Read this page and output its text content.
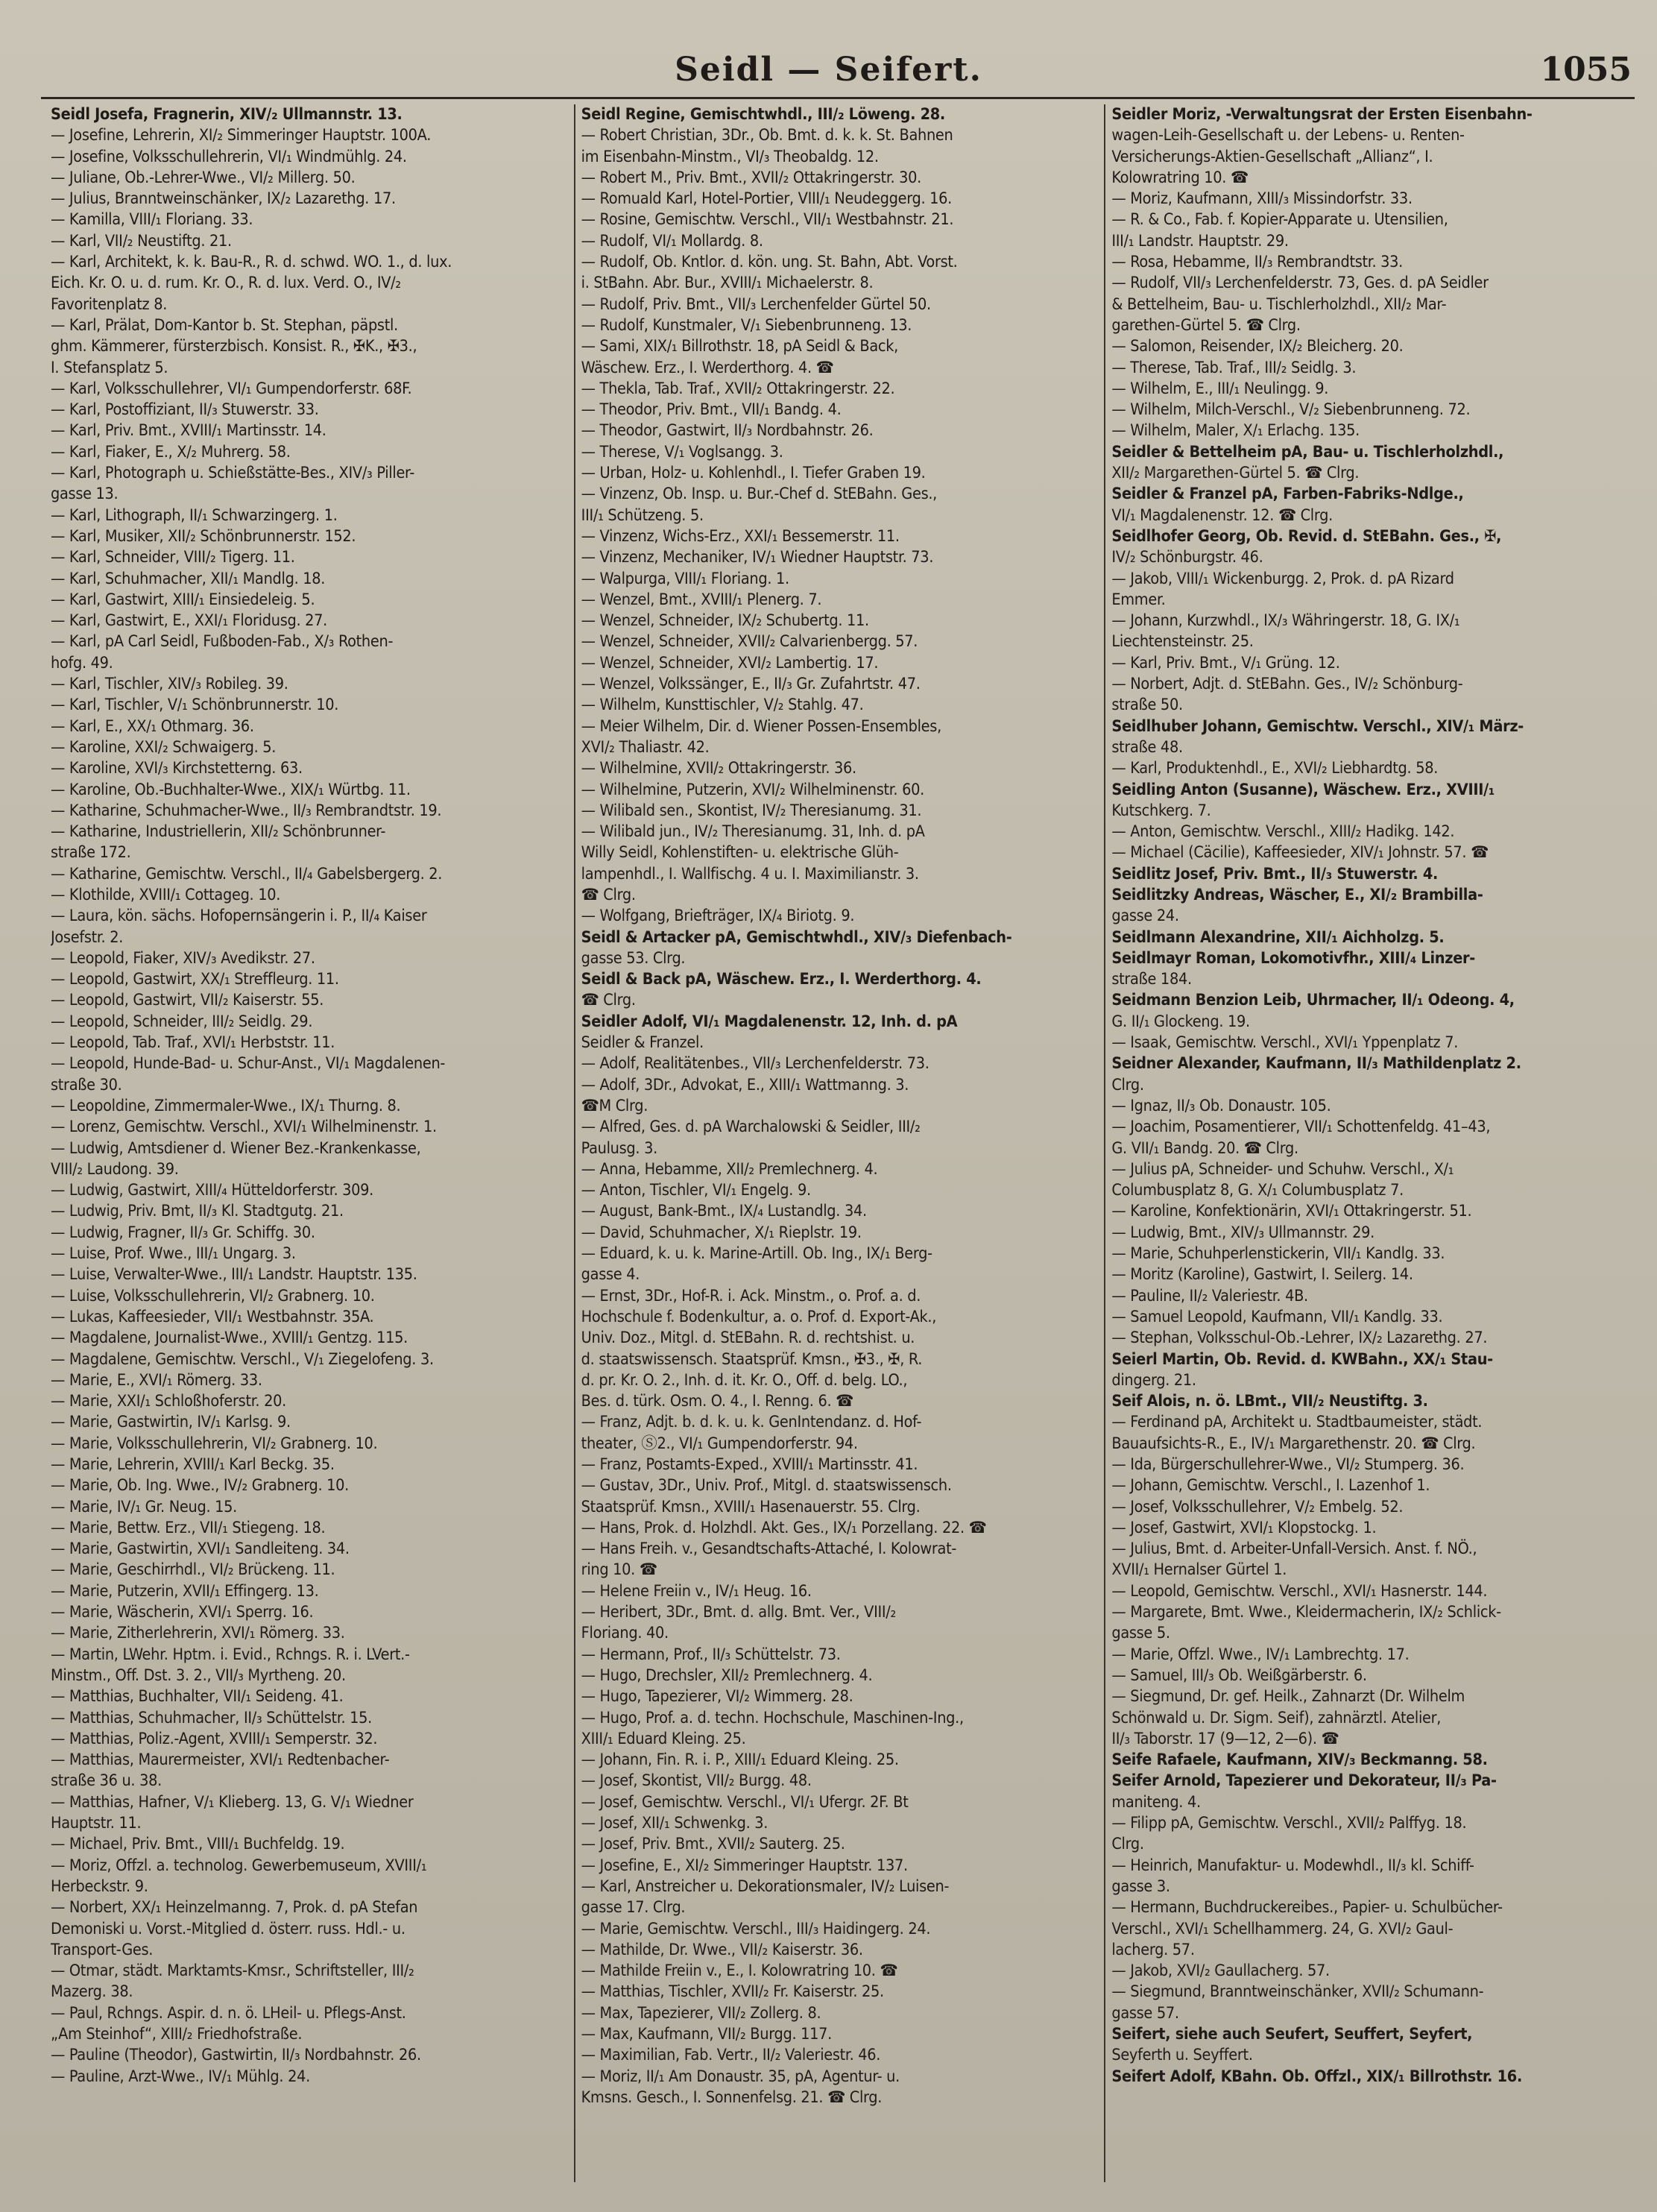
Seidl — Seifert.	1055
Seidl Josefa, Fragnerin, XIV/₂ Ullmannstr. 13.
— Josefine, Lehrerin, XI/₂ Simmeringer Hauptstr. 100A.
— Josefine, Volksschullehrerin, VI/₁ Windmühlg. 24.
— Juliane, Ob.-Lehrer-Wwe., VI/₂ Millerg. 50.
— Julius, Branntweinschänker, IX/₂ Lazarethg. 17.
— Kamilla, VIII/₁ Floriang. 33.
— Karl, VII/₂ Neustiftg. 21.
— Karl, Architekt, k. k. Bau-R., R. d. schwd. WO. 1., d. lux.
Eich. Kr. O. u. d. rum. Kr. O., R. d. lux. Verd. O., IV/₂
Favoritenplatz 8.
— Karl, Prälat, Dom-Kantor b. St. Stephan, päpstl.
ghm. Kämmerer, fürsterzbisch. Konsist. R., ✠K., ✠3.,
I. Stefansplatz 5.
— Karl, Volksschullehrer, VI/₁ Gumpendorferstr. 68F.
— Karl, Postoffiziant, II/₃ Stuwerstr. 33.
— Karl, Priv. Bmt., XVIII/₁ Martinsstr. 14.
— Karl, Fiaker, E., X/₂ Muhrerg. 58.
— Karl, Photograph u. Schießstätte-Bes., XIV/₃ Piller-
gasse 13.
— Karl, Lithograph, II/₁ Schwarzingerg. 1.
— Karl, Musiker, XII/₂ Schönbrunnerstr. 152.
— Karl, Schneider, VIII/₂ Tigerg. 11.
— Karl, Schuhmacher, XII/₁ Mandlg. 18.
— Karl, Gastwirt, XIII/₁ Einsiedeleig. 5.
— Karl, Gastwirt, E., XXI/₁ Floridusg. 27.
— Karl, pA Carl Seidl, Fußboden-Fab., X/₃ Rothen-
hofg. 49.
— Karl, Tischler, XIV/₃ Robileg. 39.
— Karl, Tischler, V/₁ Schönbrunnerstr. 10.
— Karl, E., XX/₁ Othmarg. 36.
— Karoline, XXI/₂ Schwaigerg. 5.
— Karoline, XVI/₃ Kirchstetterng. 63.
— Karoline, Ob.-Buchhalter-Wwe., XIX/₁ Würtbg. 11.
— Katharine, Schuhmacher-Wwe., II/₃ Rembrandtstr. 19.
— Katharine, Industriellerin, XII/₂ Schönbrunner-
straße 172.
— Katharine, Gemischtw. Verschl., II/₄ Gabelsbergerg. 2.
— Klothilde, XVIII/₁ Cottageg. 10.
— Laura, kön. sächs. Hofopernsängerin i. P., II/₄ Kaiser
Josefstr. 2.
— Leopold, Fiaker, XIV/₃ Avedikstr. 27.
— Leopold, Gastwirt, XX/₁ Streffleurg. 11.
— Leopold, Gastwirt, VII/₂ Kaiserstr. 55.
— Leopold, Schneider, III/₂ Seidlg. 29.
— Leopold, Tab. Traf., XVI/₁ Herbststr. 11.
— Leopold, Hunde-Bad- u. Schur-Anst., VI/₁ Magdalenen-
straße 30.
— Leopoldine, Zimmermaler-Wwe., IX/₁ Thurng. 8.
— Lorenz, Gemischtw. Verschl., XVI/₁ Wilhelminenstr. 1.
— Ludwig, Amtsdiener d. Wiener Bez.-Krankenkasse,
VIII/₂ Laudong. 39.
— Ludwig, Gastwirt, XIII/₄ Hütteldorferstr. 309.
— Ludwig, Priv. Bmt, II/₃ Kl. Stadtgutg. 21.
— Ludwig, Fragner, II/₃ Gr. Schiffg. 30.
— Luise, Prof. Wwe., III/₁ Ungarg. 3.
— Luise, Verwalter-Wwe., III/₁ Landstr. Hauptstr. 135.
— Luise, Volksschullehrerin, VI/₂ Grabnerg. 10.
— Lukas, Kaffeesieder, VII/₁ Westbahnstr. 35A.
— Magdalene, Journalist-Wwe., XVIII/₁ Gentzg. 115.
— Magdalene, Gemischtw. Verschl., V/₁ Ziegelofeng. 3.
— Marie, E., XVI/₁ Römerg. 33.
— Marie, XXI/₁ Schloßhoferstr. 20.
— Marie, Gastwirtin, IV/₁ Karlsg. 9.
— Marie, Volksschullehrerin, VI/₂ Grabnerg. 10.
— Marie, Lehrerin, XVIII/₁ Karl Beckg. 35.
— Marie, Ob. Ing. Wwe., IV/₂ Grabnerg. 10.
— Marie, IV/₁ Gr. Neug. 15.
— Marie, Bettw. Erz., VII/₁ Stiegeng. 18.
— Marie, Gastwirtin, XVI/₁ Sandleiteng. 34.
— Marie, Geschirrhdl., VI/₂ Brückeng. 11.
— Marie, Putzerin, XVII/₁ Effingerg. 13.
— Marie, Wäscherin, XVI/₁ Sperrg. 16.
— Marie, Zitherlehrerin, XVI/₁ Römerg. 33.
— Martin, LWehr. Hptm. i. Evid., Rchngs. R. i. LVert.-
Minstm., Off. Dst. 3. 2., VII/₃ Myrtheng. 20.
— Matthias, Buchhalter, VII/₁ Seideng. 41.
— Matthias, Schuhmacher, II/₃ Schüttelstr. 15.
— Matthias, Poliz.-Agent, XVIII/₁ Semperstr. 32.
— Matthias, Maurermeister, XVI/₁ Redtenbacher-
straße 36 u. 38.
— Matthias, Hafner, V/₁ Klieberg. 13, G. V/₁ Wiedner
Hauptstr. 11.
— Michael, Priv. Bmt., VIII/₁ Buchfeldg. 19.
— Moriz, Offzl. a. technolog. Gewerbemuseum, XVIII/₁
Herbeckstr. 9.
— Norbert, XX/₁ Heinzelmanng. 7, Prok. d. pA Stefan
Demoniski u. Vorst.-Mitglied d. österr. russ. Hdl.- u.
Transport-Ges.
— Otmar, städt. Marktamts-Kmsr., Schriftsteller, III/₂
Mazerg. 38.
— Paul, Rchngs. Aspir. d. n. ö. LHeil- u. Pflegs-Anst.
„Am Steinhof“, XIII/₂ Friedhofstraße.
— Pauline (Theodor), Gastwirtin, II/₃ Nordbahnstr. 26.
— Pauline, Arzt-Wwe., IV/₁ Mühlg. 24.
Seidl Regine, Gemischtwhdl., III/₂ Löweng. 28.
— Robert Christian, 3Dr., Ob. Bmt. d. k. k. St. Bahnen
im Eisenbahn-Minstm., VI/₃ Theobaldg. 12.
— Robert M., Priv. Bmt., XVII/₂ Ottakringerstr. 30.
— Romuald Karl, Hotel-Portier, VIII/₁ Neudeggerg. 16.
— Rosine, Gemischtw. Verschl., VII/₁ Westbahnstr. 21.
— Rudolf, VI/₁ Mollardg. 8.
— Rudolf, Ob. Kntlor. d. kön. ung. St. Bahn, Abt. Vorst.
i. StBahn. Abr. Bur., XVIII/₁ Michaelerstr. 8.
— Rudolf, Priv. Bmt., VII/₃ Lerchenfelder Gürtel 50.
— Rudolf, Kunstmaler, V/₁ Siebenbrunneng. 13.
— Sami, XIX/₁ Billrothstr. 18, pA Seidl & Back,
Wäschew. Erz., I. Werderthorg. 4. ☎
— Thekla, Tab. Traf., XVII/₂ Ottakringerstr. 22.
— Theodor, Priv. Bmt., VII/₁ Bandg. 4.
— Theodor, Gastwirt, II/₃ Nordbahnstr. 26.
— Therese, V/₁ Voglsangg. 3.
— Urban, Holz- u. Kohlenhdl., I. Tiefer Graben 19.
— Vinzenz, Ob. Insp. u. Bur.-Chef d. StEBahn. Ges.,
III/₁ Schützeng. 5.
— Vinzenz, Wichs-Erz., XXI/₁ Bessemerstr. 11.
— Vinzenz, Mechaniker, IV/₁ Wiedner Hauptstr. 73.
— Walpurga, VIII/₁ Floriang. 1.
— Wenzel, Bmt., XVIII/₁ Plenerg. 7.
— Wenzel, Schneider, IX/₂ Schubertg. 11.
— Wenzel, Schneider, XVII/₂ Calvarienbergg. 57.
— Wenzel, Schneider, XVI/₂ Lambertig. 17.
— Wenzel, Volkssänger, E., II/₃ Gr. Zufahrtstr. 47.
— Wilhelm, Kunsttischler, V/₂ Stahlg. 47.
— Meier Wilhelm, Dir. d. Wiener Possen-Ensembles,
XVI/₂ Thaliastr. 42.
— Wilhelmine, XVII/₂ Ottakringerstr. 36.
— Wilhelmine, Putzerin, XVI/₂ Wilhelminenstr. 60.
— Wilibald sen., Skontist, IV/₂ Theresianumg. 31.
— Wilibald jun., IV/₂ Theresianumg. 31, Inh. d. pA
Willy Seidl, Kohlenstiften- u. elektrische Glüh-
lampenhdl., I. Wallfischg. 4 u. I. Maximilianstr. 3.
☎ Clrg.
— Wolfgang, Briefträger, IX/₄ Biriotg. 9.
Seidl & Artacker pA, Gemischtwhdl., XIV/₃ Diefenbach-
gasse 53. Clrg.
Seidl & Back pA, Wäschew. Erz., I. Werderthorg. 4.
☎ Clrg.
Seidler Adolf, VI/₁ Magdalenenstr. 12, Inh. d. pA
Seidler & Franzel.
— Adolf, Realitätenbes., VII/₃ Lerchenfelderstr. 73.
— Adolf, 3Dr., Advokat, E., XIII/₁ Wattmanng. 3.
☎M Clrg.
— Alfred, Ges. d. pA Warchalowski & Seidler, III/₂
Paulusg. 3.
— Anna, Hebamme, XII/₂ Premlechnerg. 4.
— Anton, Tischler, VI/₁ Engelg. 9.
— August, Bank-Bmt., IX/₄ Lustandlg. 34.
— David, Schuhmacher, X/₁ Rieplstr. 19.
— Eduard, k. u. k. Marine-Artill. Ob. Ing., IX/₁ Berg-
gasse 4.
— Ernst, 3Dr., Hof-R. i. Ack. Minstm., o. Prof. a. d.
Hochschule f. Bodenkultur, a. o. Prof. d. Export-Ak.,
Univ. Doz., Mitgl. d. StEBahn. R. d. rechtshist. u.
d. staatswissensch. Staatsprüf. Kmsn., ✠3., ✠, R.
d. pr. Kr. O. 2., Inh. d. it. Kr. O., Off. d. belg. LO.,
Bes. d. türk. Osm. O. 4., I. Renng. 6. ☎
— Franz, Adjt. b. d. k. u. k. GenIntendanz. d. Hof-
theater, Ⓢ2., VI/₁ Gumpendorferstr. 94.
— Franz, Postamts-Exped., XVIII/₁ Martinsstr. 41.
— Gustav, 3Dr., Univ. Prof., Mitgl. d. staatswissensch.
Staatsprüf. Kmsn., XVIII/₁ Hasenauerstr. 55. Clrg.
— Hans, Prok. d. Holzhdl. Akt. Ges., IX/₁ Porzellang. 22. ☎
— Hans Freih. v., Gesandtschafts-Attaché, I. Kolowrat-
ring 10. ☎
— Helene Freiin v., IV/₁ Heug. 16.
— Heribert, 3Dr., Bmt. d. allg. Bmt. Ver., VIII/₂
Floriang. 40.
— Hermann, Prof., II/₃ Schüttelstr. 73.
— Hugo, Drechsler, XII/₂ Premlechnerg. 4.
— Hugo, Tapezierer, VI/₂ Wimmerg. 28.
— Hugo, Prof. a. d. techn. Hochschule, Maschinen-Ing.,
XIII/₁ Eduard Kleing. 25.
— Johann, Fin. R. i. P., XIII/₁ Eduard Kleing. 25.
— Josef, Skontist, VII/₂ Burgg. 48.
— Josef, Gemischtw. Verschl., VI/₁ Ufergr. 2F. Bt
— Josef, XII/₁ Schwenkg. 3.
— Josef, Priv. Bmt., XVII/₂ Sauterg. 25.
— Josefine, E., XI/₂ Simmeringer Hauptstr. 137.
— Karl, Anstreicher u. Dekorationsmaler, IV/₂ Luisen-
gasse 17. Clrg.
— Marie, Gemischtw. Verschl., III/₃ Haidingerg. 24.
— Mathilde, Dr. Wwe., VII/₂ Kaiserstr. 36.
— Mathilde Freiin v., E., I. Kolowratring 10. ☎
— Matthias, Tischler, XVII/₂ Fr. Kaiserstr. 25.
— Max, Tapezierer, VII/₂ Zollerg. 8.
— Max, Kaufmann, VII/₂ Burgg. 117.
— Maximilian, Fab. Vertr., II/₂ Valeriestr. 46.
— Moriz, II/₁ Am Donaustr. 35, pA, Agentur- u.
Kmsns. Gesch., I. Sonnenfelsg. 21. ☎ Clrg.
Seidler Moriz, -Verwaltungsrat der Ersten Eisenbahn-
wagen-Leih-Gesellschaft u. der Lebens- u. Renten-
Versicherungs-Aktien-Gesellschaft „Allianz“, I.
Kolowratring 10. ☎
— Moriz, Kaufmann, XIII/₃ Missindorfstr. 33.
— R. & Co., Fab. f. Kopier-Apparate u. Utensilien,
III/₁ Landstr. Hauptstr. 29.
— Rosa, Hebamme, II/₃ Rembrandtstr. 33.
— Rudolf, VII/₃ Lerchenfelderstr. 73, Ges. d. pA Seidler
& Bettelheim, Bau- u. Tischlerholzhdl., XII/₂ Mar-
garethen-Gürtel 5. ☎ Clrg.
— Salomon, Reisender, IX/₂ Bleicherg. 20.
— Therese, Tab. Traf., III/₂ Seidlg. 3.
— Wilhelm, E., III/₁ Neulingg. 9.
— Wilhelm, Milch-Verschl., V/₂ Siebenbrunneng. 72.
— Wilhelm, Maler, X/₁ Erlachg. 135.
Seidler & Bettelheim pA, Bau- u. Tischlerholzhdl.,
XII/₂ Margarethen-Gürtel 5. ☎ Clrg.
Seidler & Franzel pA, Farben-Fabriks-Ndlge.,
VI/₁ Magdalenenstr. 12. ☎ Clrg.
Seidlhofer Georg, Ob. Revid. d. StEBahn. Ges., ✠,
IV/₂ Schönburgstr. 46.
— Jakob, VIII/₁ Wickenburgg. 2, Prok. d. pA Rizard
Emmer.
— Johann, Kurzwhdl., IX/₃ Währingerstr. 18, G. IX/₁
Liechtensteinstr. 25.
— Karl, Priv. Bmt., V/₁ Grüng. 12.
— Norbert, Adjt. d. StEBahn. Ges., IV/₂ Schönburg-
straße 50.
Seidlhuber Johann, Gemischtw. Verschl., XIV/₁ März-
straße 48.
— Karl, Produktenhdl., E., XVI/₂ Liebhardtg. 58.
Seidling Anton (Susanne), Wäschew. Erz., XVIII/₁
Kutschkerg. 7.
— Anton, Gemischtw. Verschl., XIII/₂ Hadikg. 142.
— Michael (Cäcilie), Kaffeesieder, XIV/₁ Johnstr. 57. ☎
Seidlitz Josef, Priv. Bmt., II/₃ Stuwerstr. 4.
Seidlitzky Andreas, Wäscher, E., XI/₂ Brambilla-
gasse 24.
Seidlmann Alexandrine, XII/₁ Aichholzg. 5.
Seidlmayr Roman, Lokomotivfhr., XIII/₄ Linzer-
straße 184.
Seidmann Benzion Leib, Uhrmacher, II/₁ Odeong. 4,
G. II/₁ Glockeng. 19.
— Isaak, Gemischtw. Verschl., XVI/₁ Yppenplatz 7.
Seidner Alexander, Kaufmann, II/₃ Mathildenplatz 2.
Clrg.
— Ignaz, II/₃ Ob. Donaustr. 105.
— Joachim, Posamentierer, VII/₁ Schottenfeldg. 41–43,
G. VII/₁ Bandg. 20. ☎ Clrg.
— Julius pA, Schneider- und Schuhw. Verschl., X/₁
Columbusplatz 8, G. X/₁ Columbusplatz 7.
— Karoline, Konfektionärin, XVI/₁ Ottakringerstr. 51.
— Ludwig, Bmt., XIV/₃ Ullmannstr. 29.
— Marie, Schuhperlenstickerin, VII/₁ Kandlg. 33.
— Moritz (Karoline), Gastwirt, I. Seilerg. 14.
— Pauline, II/₂ Valeriestr. 4B.
— Samuel Leopold, Kaufmann, VII/₁ Kandlg. 33.
— Stephan, Volksschul-Ob.-Lehrer, IX/₂ Lazarethg. 27.
Seierl Martin, Ob. Revid. d. KWBahn., XX/₁ Stau-
dingerg. 21.
Seif Alois, n. ö. LBmt., VII/₂ Neustiftg. 3.
— Ferdinand pA, Architekt u. Stadtbaumeister, städt.
Bauaufsichts-R., E., IV/₁ Margarethenstr. 20. ☎ Clrg.
— Ida, Bürgerschullehrer-Wwe., VI/₂ Stumperg. 36.
— Johann, Gemischtw. Verschl., I. Lazenhof 1.
— Josef, Volksschullehrer, V/₂ Embelg. 52.
— Josef, Gastwirt, XVI/₁ Klopstockg. 1.
— Julius, Bmt. d. Arbeiter-Unfall-Versich. Anst. f. NÖ.,
XVII/₁ Hernalser Gürtel 1.
— Leopold, Gemischtw. Verschl., XVI/₁ Hasnerstr. 144.
— Margarete, Bmt. Wwe., Kleidermacherin, IX/₂ Schlick-
gasse 5.
— Marie, Offzl. Wwe., IV/₁ Lambrechtg. 17.
— Samuel, III/₃ Ob. Weißgärberstr. 6.
— Siegmund, Dr. gef. Heilk., Zahnarzt (Dr. Wilhelm
Schönwald u. Dr. Sigm. Seif), zahnärztl. Atelier,
II/₃ Taborstr. 17 (9—12, 2—6). ☎
Seife Rafaele, Kaufmann, XIV/₃ Beckmanng. 58.
Seifer Arnold, Tapezierer und Dekorateur, II/₃ Pa-
maniteng. 4.
— Filipp pA, Gemischtw. Verschl., XVII/₂ Palffyg. 18.
Clrg.
— Heinrich, Manufaktur- u. Modewhdl., II/₃ kl. Schiff-
gasse 3.
— Hermann, Buchdruckereibes., Papier- u. Schulbücher-
Verschl., XVI/₁ Schellhammerg. 24, G. XVI/₂ Gaul-
lacherg. 57.
— Jakob, XVI/₂ Gaullacherg. 57.
— Siegmund, Branntweinschänker, XVII/₂ Schumann-
gasse 57.
Seifert, siehe auch Seufert, Seuffert, Seyfert,
Seyferth u. Seyffert.
Seifert Adolf, KBahn. Ob. Offzl., XIX/₁ Billrothstr. 16.
